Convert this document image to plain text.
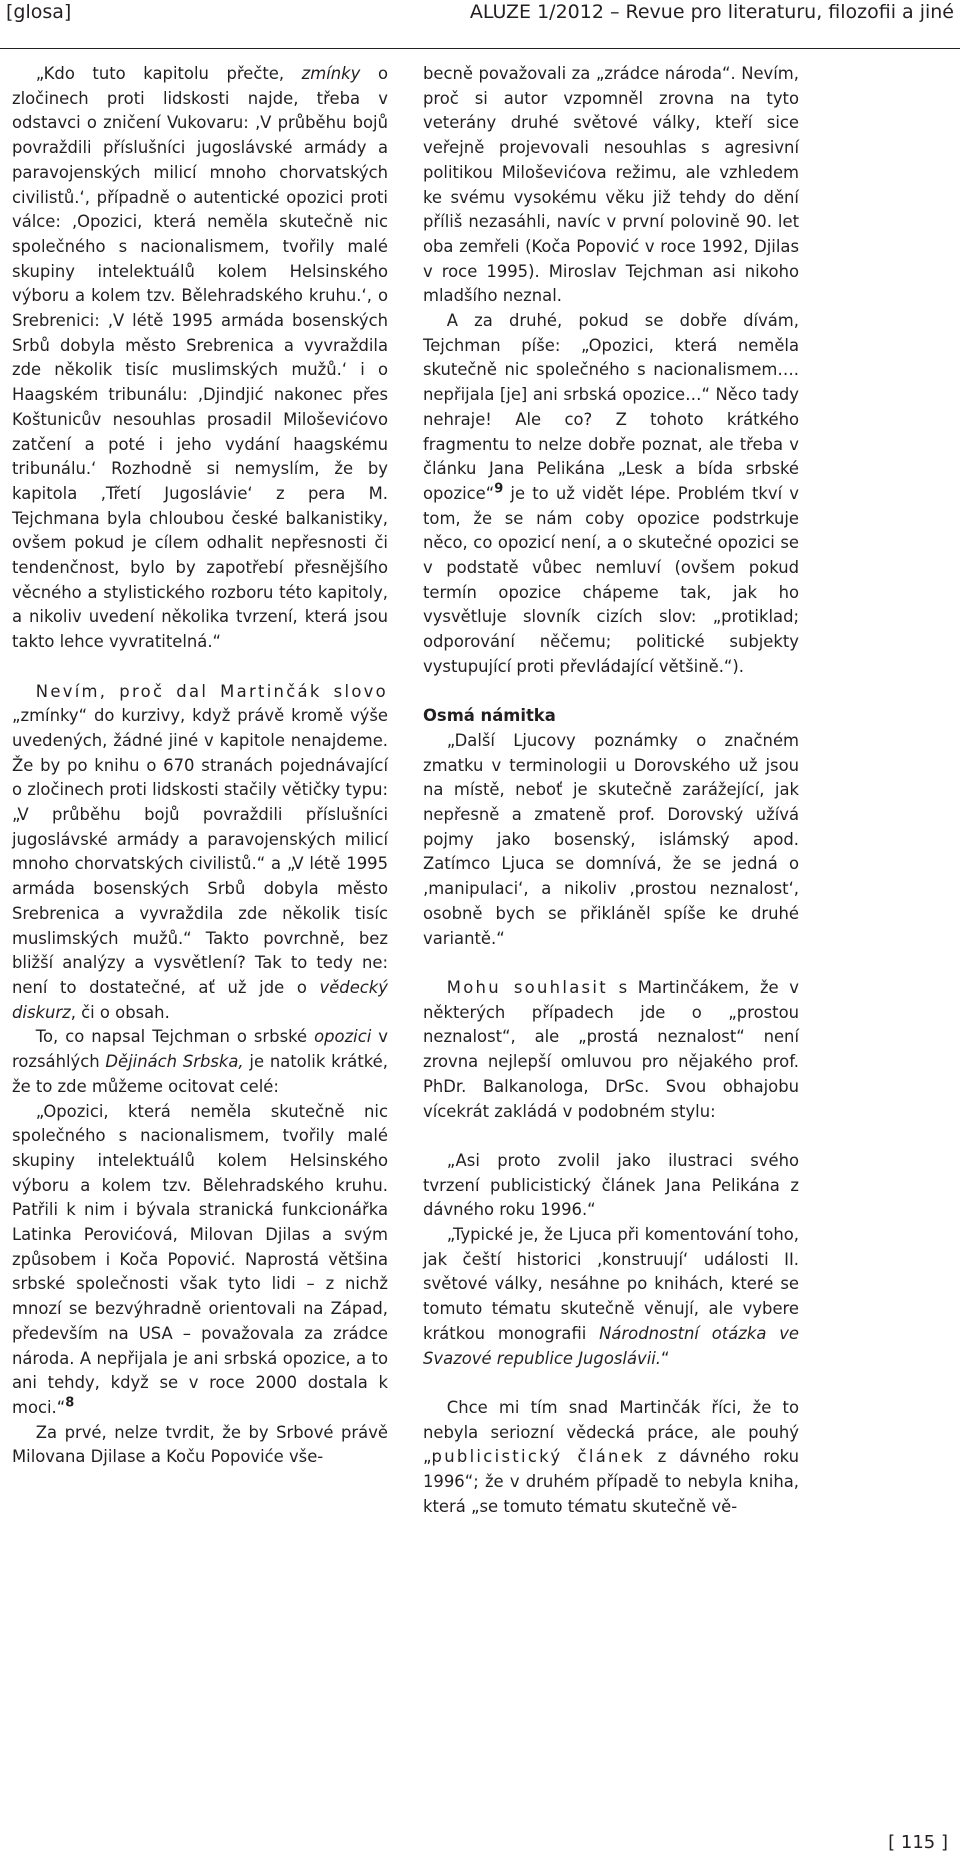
[glosa]	ALUZE 1/2012 – Revue pro literaturu, filozofii a jiné

„Kdo tuto kapitolu přečte, zmínky o zločinech proti lidskosti najde, třeba v odstavci o zničení Vukovaru: ‚V průběhu bojů povraždili příslušníci jugoslávské armády a paravojenských milicí mnoho chorvatských civilistů.‘, případně o autentické opozici proti válce: ‚Opozici, která neměla skutečně nic společného s nacionalismem, tvořily malé skupiny intelektuálů kolem Helsinského výboru a kolem tzv. Bělehradského kruhu.‘, o Srebrenici: ‚V létě 1995 armáda bosenských Srbů dobyla město Srebrenica a vyvraždila zde několik tisíc muslimských mužů.‘ i o Haagském tribunálu: ‚Djindjić nakonec přes Koštunicův nesouhlas prosadil Miloševićovo zatčení a poté i jeho vydání haagskému tribunálu.‘ Rozhodně si nemyslím, že by kapitola ‚Třetí Jugoslávie‘ z pera M. Tejchmana byla chloubou české balkanistiky, ovšem pokud je cílem odhalit nepřesnosti či tendenčnost, bylo by zapotřebí přesnějšího věcného a stylistického rozboru této kapitoly, a nikoliv uvedení několika tvrzení, která jsou takto lehce vyvratitelná.“

Nevím, proč dal Martinčák slovo „zmínky“ do kurzivy, když právě kromě výše uvedených, žádné jiné v kapitole nenajdeme. Že by po knihu o 670 stranách pojednávající o zločinech proti lidskosti stačily větičky typu: „V průběhu bojů povraždili příslušníci jugoslávské armády a paravojenských milicí mnoho chorvatských civilistů.“ a „V létě 1995 armáda bosenských Srbů dobyla město Srebrenica a vyvraždila zde několik tisíc muslimských mužů.“ Takto povrchně, bez bližší analýzy a vysvětlení? Tak to tedy ne: není to dostatečné, ať už jde o vědecký diskurz, či o obsah.

To, co napsal Tejchman o srbské opozici v rozsáhlých Dějinách Srbska, je natolik krátké, že to zde můžeme ocitovat celé:

„Opozici, která neměla skutečně nic společného s nacionalismem, tvořily malé skupiny intelektuálů kolem Helsinského výboru a kolem tzv. Bělehradského kruhu. Patřili k nim i bývala stranická funkcionářka Latinka Perovićová, Milovan Djilas a svým způsobem i Koča Popović. Naprostá většina srbské společnosti však tyto lidi – z nichž mnozí se bezvýhradně orientovali na Západ, především na USA – považovala za zrádce národa. A nepřijala je ani srbská opozice, a to ani tehdy, když se v roce 2000 dostala k moci.“$^8$

Za prvé, nelze tvrdit, že by Srbové právě Milovana Djilase a Koču Popoviće vše-

becně považovali za „zrádce národa“. Nevím, proč si autor vzpomněl zrovna na tyto veterány druhé světové války, kteří sice veřejně projevovali nesouhlas s agresivní politikou Miloševićova režimu, ale vzhledem ke svému vysokému věku již tehdy do dění příliš nezasáhli, navíc v první polovině 90. let oba zemřeli (Koča Popović v roce 1992, Djilas v roce 1995). Miroslav Tejchman asi nikoho mladšího neznal.

A za druhé, pokud se dobře dívám, Tejchman píše: „Opozici, která neměla skutečně nic společného s nacionalismem…. nepřijala [je] ani srbská opozice…“ Něco tady nehraje! Ale co? Z tohoto krátkého fragmentu to nelze dobře poznat, ale třeba v článku Jana Pelikána „Lesk a bída srbské opozice“$^9$ je to už vidět lépe. Problém tkví v tom, že se nám coby opozice podstrkuje něco, co opozicí není, a o skutečné opozici se v podstatě vůbec nemluví (ovšem pokud termín opozice chápeme tak, jak ho vysvětluje slovník cizích slov: „protiklad; odporování něčemu; politické subjekty vystupující proti převládající většině.“).

Osmá námitka

„Další Ljucovy poznámky o značném zmatku v terminologii u Dorovského už jsou na místě, neboť je skutečně zarážející, jak nepřesně a zmateně prof. Dorovský užívá pojmy jako bosenský, islámský apod. Zatímco Ljuca se domnívá, že se jedná o ‚manipulaci‘, a nikoliv ‚prostou neznalost‘, osobně bych se přikláněl spíše ke druhé variantě.“

Mohu souhlasit s Martinčákem, že v některých případech jde o „prostou neznalost“, ale „prostá neznalost“ není zrovna nejlepší omluvou pro nějakého prof. PhDr. Balkanologa, DrSc. Svou obhajobu vícekrát zakládá v podobném stylu:

„Asi proto zvolil jako ilustraci svého tvrzení publicistický článek Jana Pelikána z dávného roku 1996.“

„Typické je, že Ljuca při komentování toho, jak čeští historici ‚konstruují‘ události II. světové války, nesáhne po knihách, které se tomuto tématu skutečně věnují, ale vybere krátkou monografii Národnostní otázka ve Svazové republice Jugoslávii.“

Chce mi tím snad Martinčák říci, že to nebyla seriozní vědecká práce, ale pouhý „publicistický článek z dávného roku 1996“; že v druhém případě to nebyla kniha, která „se tomuto tématu skutečně vě-

[ 115 ]
